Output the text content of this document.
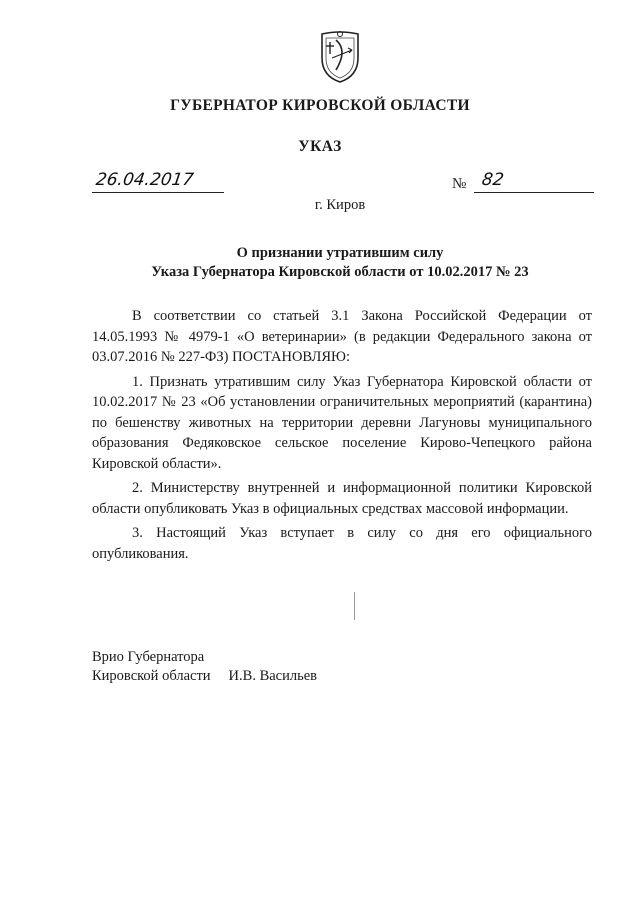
ГУБЕРНАТОР КИРОВСКОЙ ОБЛАСТИ
УКАЗ
26.04.2017	№ 82
г. Киров
О признании утратившим силу
Указа Губернатора Кировской области от 10.02.2017 № 23

В соответствии со статьей 3.1 Закона Российской Федерации от 14.05.1993 № 4979-1 «О ветеринарии» (в редакции Федерального закона от 03.07.2016 № 227-ФЗ) ПОСТАНОВЛЯЮ:

1. Признать утратившим силу Указ Губернатора Кировской области от 10.02.2017 № 23 «Об установлении ограничительных мероприятий (карантина) по бешенству животных на территории деревни Лагуновы муниципального образования Федяковское сельское поселение Кирово-Чепецкого района Кировской области».

2. Министерству внутренней и информационной политики Кировской области опубликовать Указ в официальных средствах массовой информации.

3. Настоящий Указ вступает в силу со дня его официального опубликования.

Врио Губернатора
Кировской области И.В. Васильев
